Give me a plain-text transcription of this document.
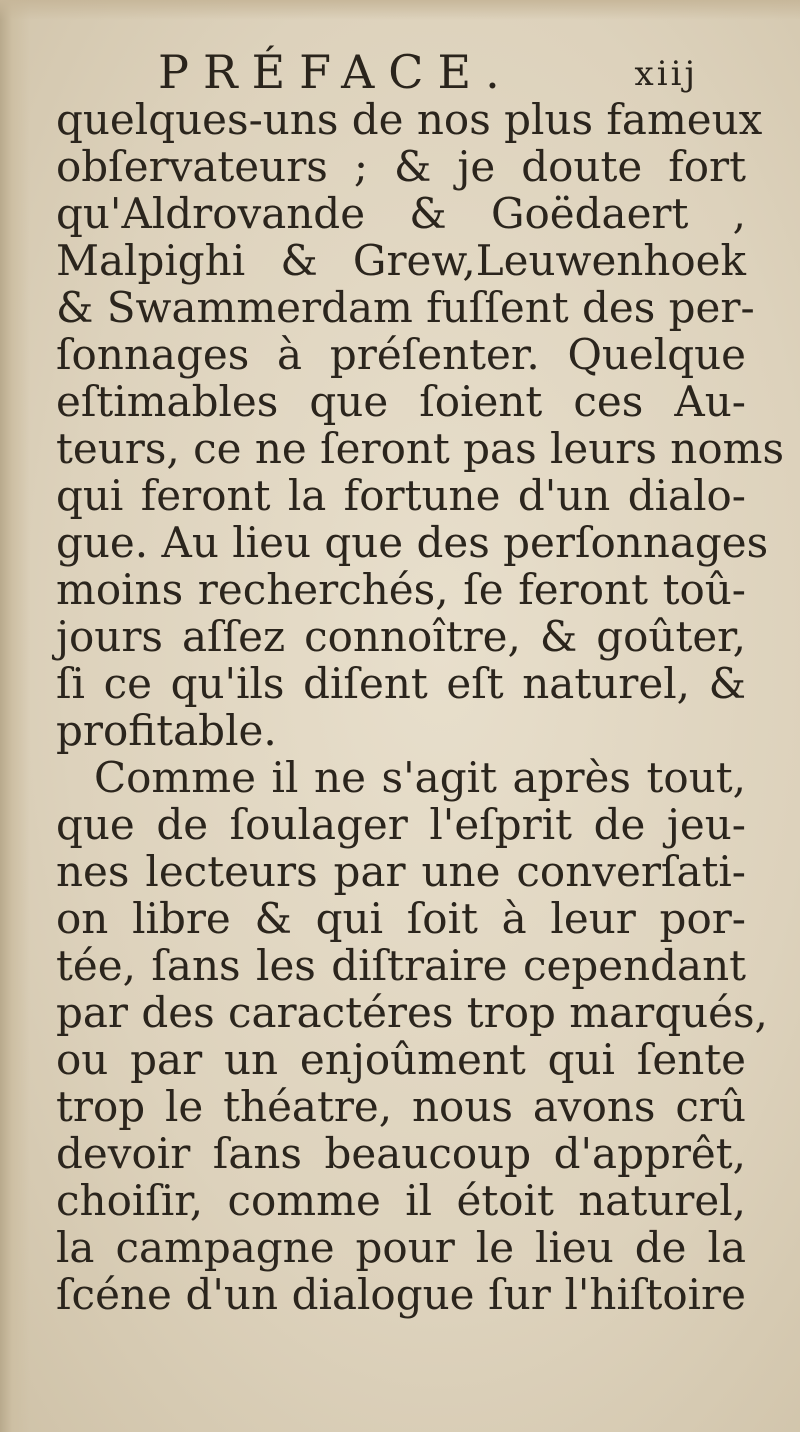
PRÉFACE.	xiij
quelques-uns de nos plus fameux
obſervateurs ; & je doute fort
qu'Aldrovande & Goëdaert ,
Malpighi & Grew,Leuwenhoek
& Swammerdam fuſſent des per-
ſonnages à préſenter. Quelque
eſtimables que ſoient ces Au-
teurs, ce ne ſeront pas leurs noms
qui feront la fortune d'un dialo-
gue. Au lieu que des perſonnages
moins recherchés, ſe feront toû-
jours aſſez connoître, & goûter,
ſi ce qu'ils diſent eſt naturel, &
profitable.
Comme il ne s'agit après tout,
que de ſoulager l'eſprit de jeu-
nes lecteurs par une converſati-
on libre & qui ſoit à leur por-
tée, ſans les diſtraire cependant
par des caractéres trop marqués,
ou par un enjoûment qui ſente
trop le théatre, nous avons crû
devoir ſans beaucoup d'apprêt,
choiſir, comme il étoit naturel,
la campagne pour le lieu de la
ſcéne d'un dialogue ſur l'hiſtoire
